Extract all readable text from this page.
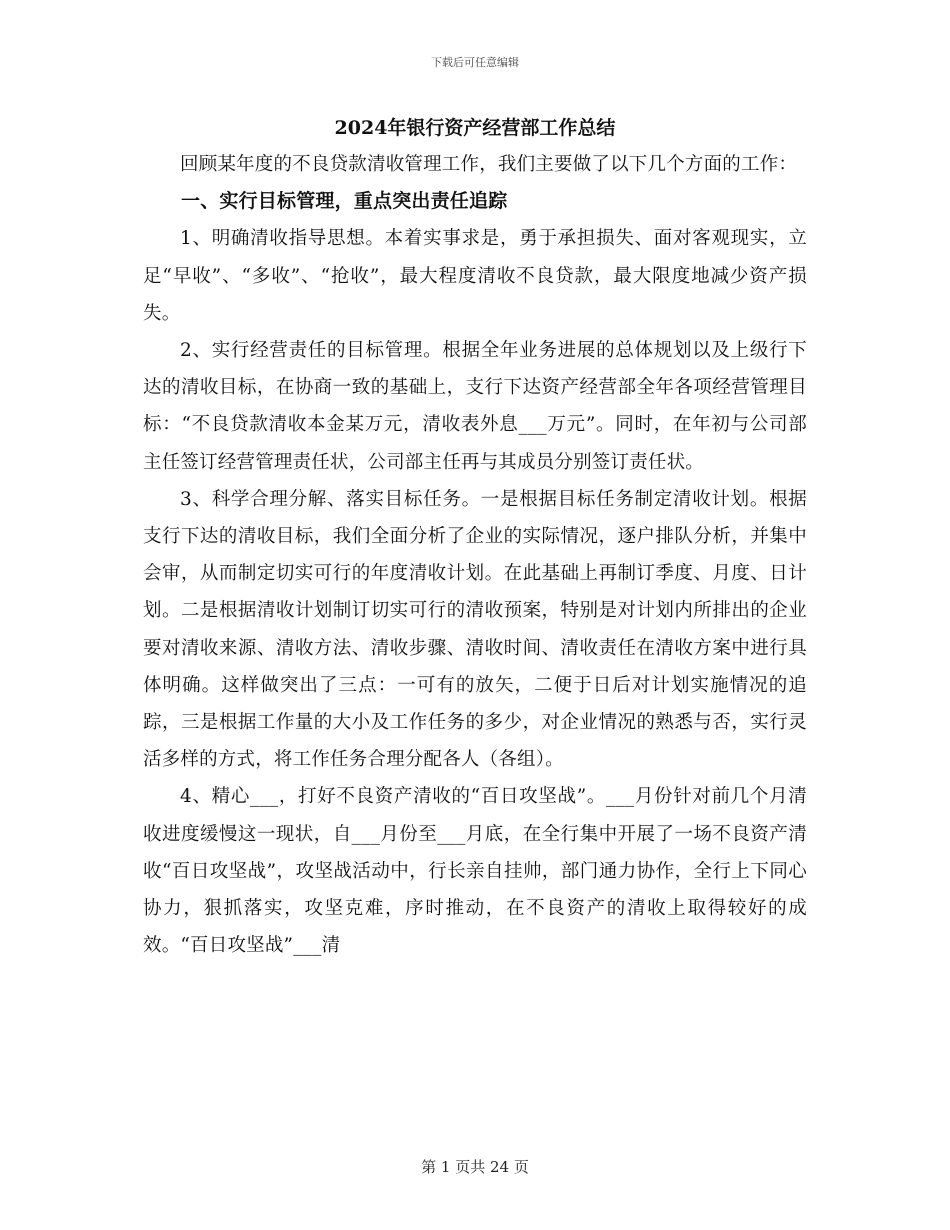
下载后可任意编辑
2024年银行资产经营部工作总结

回顾某年度的不良贷款清收管理工作，我们主要做了以下几个方面的工作：

一、实行目标管理，重点突出责任追踪

1、明确清收指导思想。本着实事求是，勇于承担损失、面对客观现实，立足“早收”、“多收”、“抢收”，最大程度清收不良贷款，最大限度地减少资产损失。

2、实行经营责任的目标管理。根据全年业务进展的总体规划以及上级行下达的清收目标，在协商一致的基础上，支行下达资产经营部全年各项经营管理目标：“不良贷款清收本金某万元，清收表外息___万元”。同时，在年初与公司部主任签订经营管理责任状，公司部主任再与其成员分别签订责任状。

3、科学合理分解、落实目标任务。一是根据目标任务制定清收计划。根据支行下达的清收目标，我们全面分析了企业的实际情况，逐户排队分析，并集中会审，从而制定切实可行的年度清收计划。在此基础上再制订季度、月度、日计划。二是根据清收计划制订切实可行的清收预案，特别是对计划内所排出的企业要对清收来源、清收方法、清收步骤、清收时间、清收责任在清收方案中进行具体明确。这样做突出了三点：一可有的放矢，二便于日后对计划实施情况的追踪，三是根据工作量的大小及工作任务的多少，对企业情况的熟悉与否，实行灵活多样的方式，将工作任务合理分配各人（各组）。

4、精心___，打好不良资产清收的“百日攻坚战”。___月份针对前几个月清收进度缓慢这一现状，自___月份至___月底，在全行集中开展了一场不良资产清收“百日攻坚战”，攻坚战活动中，行长亲自挂帅，部门通力协作，全行上下同心协力，狠抓落实，攻坚克难，序时推动，在不良资产的清收上取得较好的成效。“百日攻坚战”___清

第 1 页共 24 页
